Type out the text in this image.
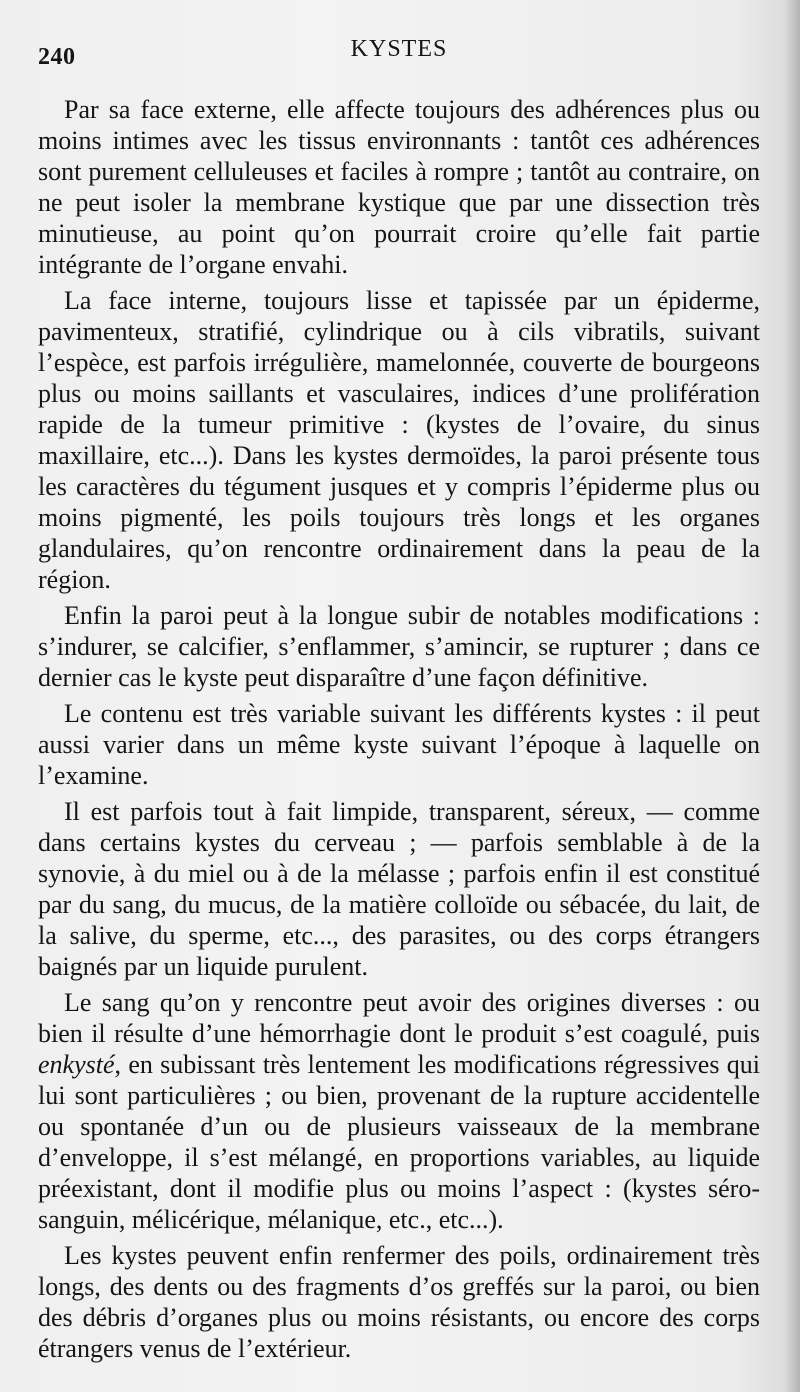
240	KYSTES

Par sa face externe, elle affecte toujours des adhérences plus ou moins intimes avec les tissus environnants : tantôt ces adhérences sont purement celluleuses et faciles à rompre ; tantôt au contraire, on ne peut isoler la membrane kystique que par une dissection très minutieuse, au point qu’on pourrait croire qu’elle fait partie intégrante de l’organe envahi.

La face interne, toujours lisse et tapissée par un épiderme, pavimenteux, stratifié, cylindrique ou à cils vibratils, suivant l’espèce, est parfois irrégulière, mamelonnée, couverte de bourgeons plus ou moins saillants et vasculaires, indices d’une prolifération rapide de la tumeur primitive : (kystes de l’ovaire, du sinus maxillaire, etc...). Dans les kystes dermoïdes, la paroi présente tous les caractères du tégument jusques et y compris l’épiderme plus ou moins pigmenté, les poils toujours très longs et les organes glandulaires, qu’on rencontre ordinairement dans la peau de la région.

Enfin la paroi peut à la longue subir de notables modifications : s’indurer, se calcifier, s’enflammer, s’amincir, se rupturer ; dans ce dernier cas le kyste peut disparaître d’une façon définitive.

Le contenu est très variable suivant les différents kystes : il peut aussi varier dans un même kyste suivant l’époque à laquelle on l’examine.

Il est parfois tout à fait limpide, transparent, séreux, — comme dans certains kystes du cerveau ; — parfois semblable à de la synovie, à du miel ou à de la mélasse ; parfois enfin il est constitué par du sang, du mucus, de la matière colloïde ou sébacée, du lait, de la salive, du sperme, etc..., des parasites, ou des corps étrangers baignés par un liquide purulent.

Le sang qu’on y rencontre peut avoir des origines diverses : ou bien il résulte d’une hémorrhagie dont le produit s’est coagulé, puis enkysté, en subissant très lentement les modifications régressives qui lui sont particulières ; ou bien, provenant de la rupture accidentelle ou spontanée d’un ou de plusieurs vaisseaux de la membrane d’enveloppe, il s’est mélangé, en proportions variables, au liquide préexistant, dont il modifie plus ou moins l’aspect : (kystes séro-sanguin, mélicérique, mélanique, etc., etc...).

Les kystes peuvent enfin renfermer des poils, ordinairement très longs, des dents ou des fragments d’os greffés sur la paroi, ou bien des débris d’organes plus ou moins résistants, ou encore des corps étrangers venus de l’extérieur.
